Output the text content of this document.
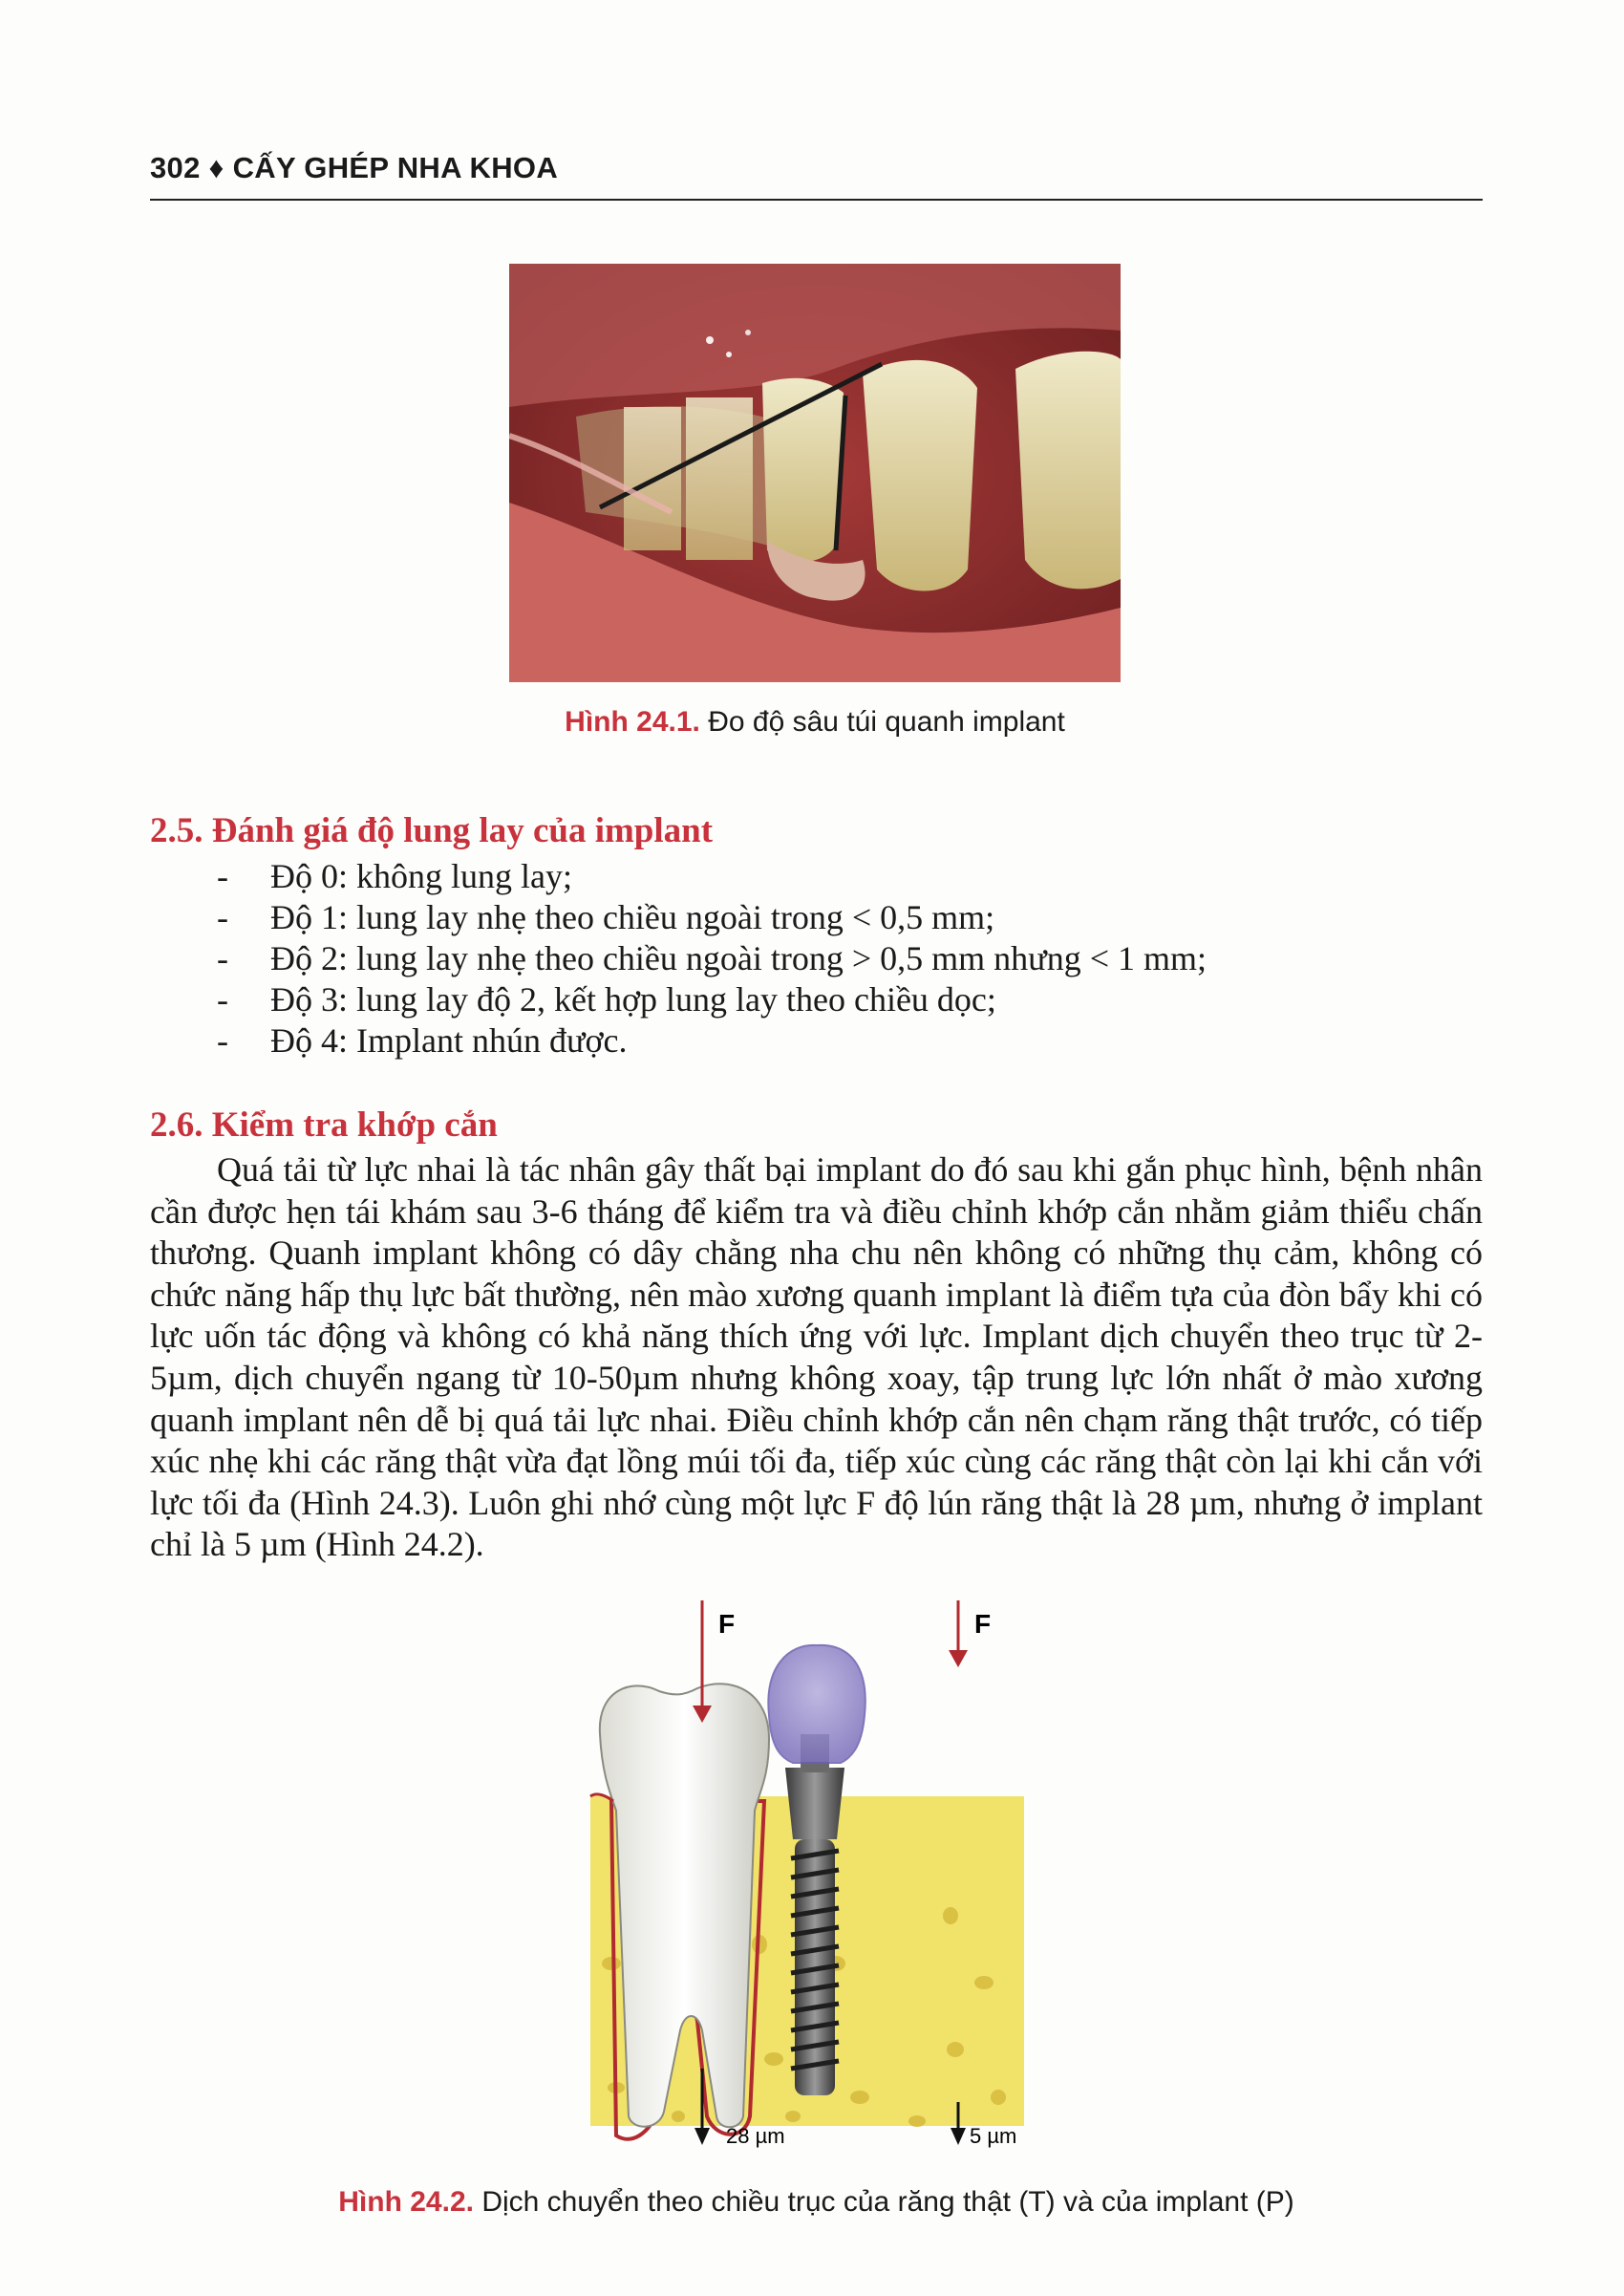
302 ♦ CẤY GHÉP NHA KHOA
Hình 24.1. Đo độ sâu túi quanh implant
2.5. Đánh giá độ lung lay của implant
- Độ 0: không lung lay;
- Độ 1: lung lay nhẹ theo chiều ngoài trong < 0,5 mm;
- Độ 2: lung lay nhẹ theo chiều ngoài trong > 0,5 mm nhưng < 1 mm;
- Độ 3: lung lay độ 2, kết hợp lung lay theo chiều dọc;
- Độ 4: Implant nhún được.
2.6. Kiểm tra khớp cắn

Quá tải từ lực nhai là tác nhân gây thất bại implant do đó sau khi gắn phục hình, bệnh nhân cần được hẹn tái khám sau 3-6 tháng để kiểm tra và điều chỉnh khớp cắn nhằm giảm thiểu chấn thương. Quanh implant không có dây chằng nha chu nên không có những thụ cảm, không có chức năng hấp thụ lực bất thường, nên mào xương quanh implant là điểm tựa của đòn bẩy khi có lực uốn tác động và không có khả năng thích ứng với lực. Implant dịch chuyển theo trục từ 2-5µm, dịch chuyển ngang từ 10-50µm nhưng không xoay, tập trung lực lớn nhất ở mào xương quanh implant nên dễ bị quá tải lực nhai. Điều chỉnh khớp cắn nên chạm răng thật trước, có tiếp xúc nhẹ khi các răng thật vừa đạt lồng múi tối đa, tiếp xúc cùng các răng thật còn lại khi cắn với lực tối đa (Hình 24.3). Luôn ghi nhớ cùng một lực F độ lún răng thật là 28 µm, nhưng ở implant chỉ là 5 µm (Hình 24.2).

F	F
28 µm	5 µm
Hình 24.2. Dịch chuyển theo chiều trục của răng thật (T) và của implant (P)
